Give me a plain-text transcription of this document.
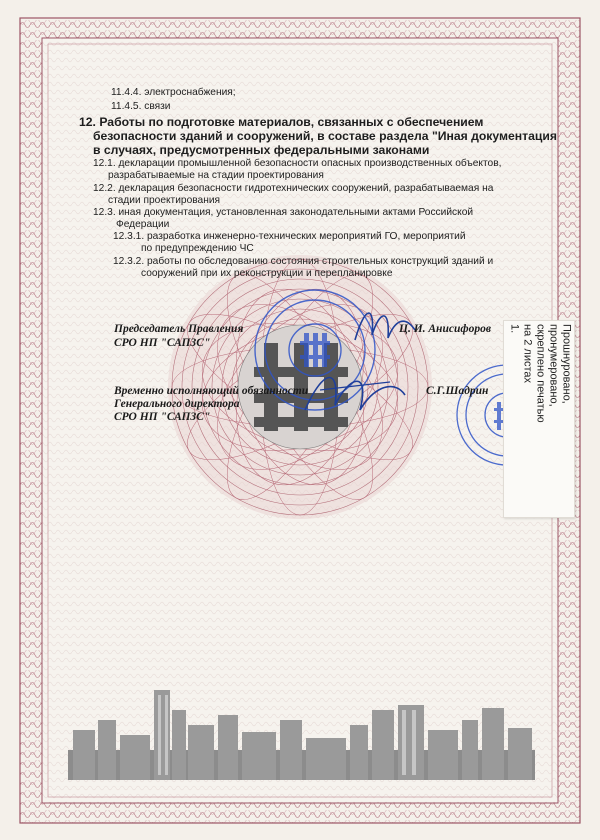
11.4.4. электроснабжения;
11.4.5. связи
12. Работы по подготовке материалов, связанных с обеспечением
безопасности зданий и сооружений, в составе раздела "Иная документация
в случаях, предусмотренных федеральными законами
12.1. декларации промышленной безопасности опасных производственных объектов,
разрабатываемые на стадии проектирования
12.2. декларация безопасности гидротехнических сооружений, разрабатываемая на
стадии проектирования
12.3. иная документация, установленная законодательными актами Российской
Федерации
12.3.1. разработка инженерно-технических мероприятий ГО, мероприятий
по предупреждению ЧС
12.3.2. работы по обследованию состояния строительных конструкций зданий и
сооружений при их реконструкции и перепланировке
Председатель Правления
СРО НП "САПЗС"
Ц. И. Анисифоров
Временно исполняющий обязанности
Генерального директора
СРО НП "САПЗС"
С.Г.Шадрин	Прошнуровано,
пронумеровано,
скреплено печатью
на 2 листах
1.
